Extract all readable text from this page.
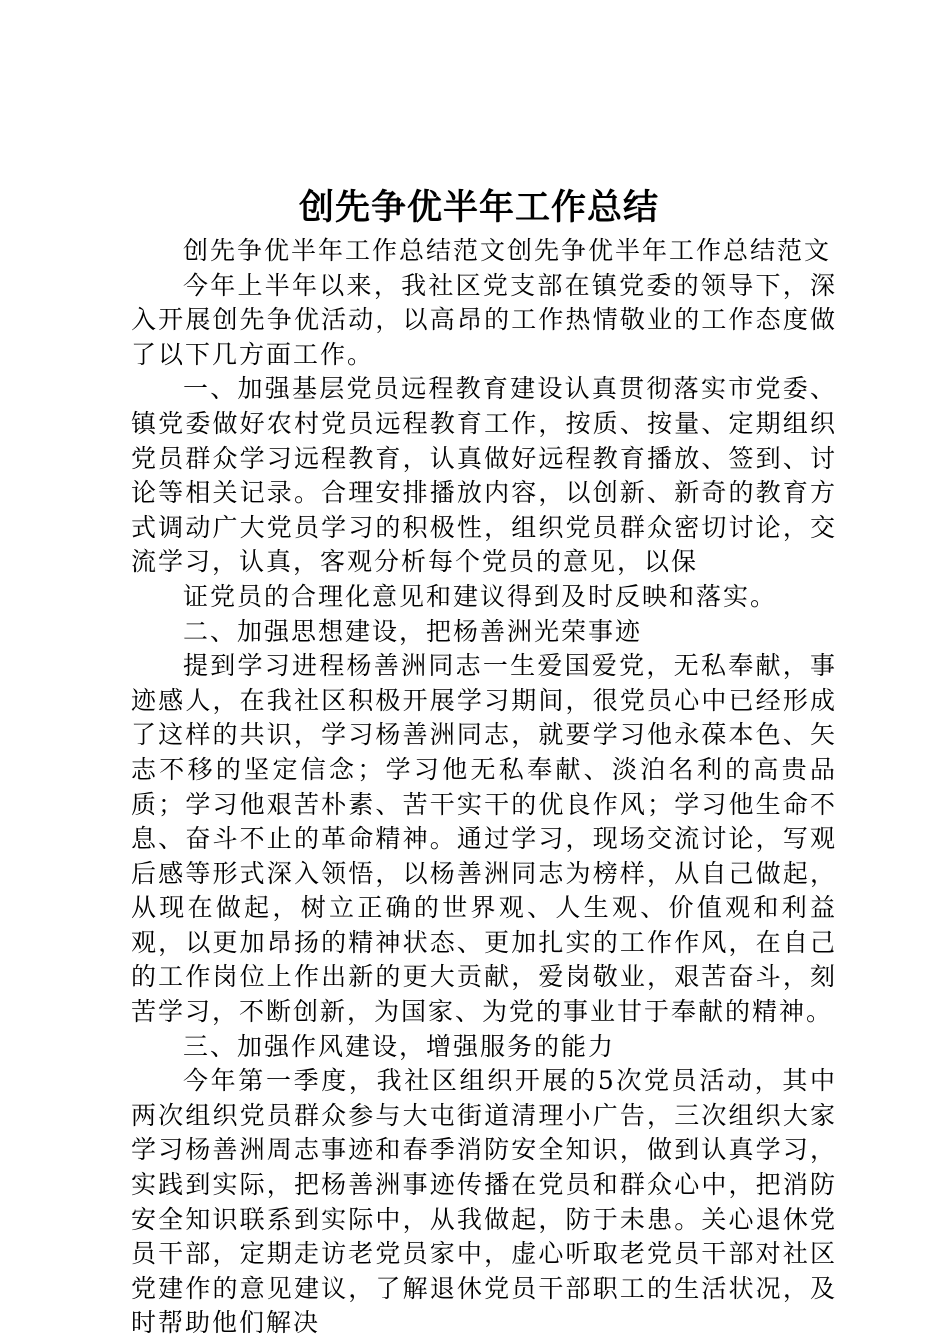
创先争优半年工作总结

创先争优半年工作总结范文创先争优半年工作总结范文

今年上半年以来，我社区党支部在镇党委的领导下，深入开展创先争优活动，以高昂的工作热情敬业的工作态度做了以下几方面工作。

一、加强基层党员远程教育建设认真贯彻落实市党委、镇党委做好农村党员远程教育工作，按质、按量、定期组织党员群众学习远程教育，认真做好远程教育播放、签到、讨论等相关记录。合理安排播放内容，以创新、新奇的教育方式调动广大党员学习的积极性，组织党员群众密切讨论，交流学习，认真，客观分析每个党员的意见，以保

证党员的合理化意见和建议得到及时反映和落实。

二、加强思想建设，把杨善洲光荣事迹

提到学习进程杨善洲同志一生爱国爱党，无私奉献，事迹感人，在我社区积极开展学习期间，很党员心中已经形成了这样的共识，学习杨善洲同志，就要学习他永葆本色、矢志不移的坚定信念；学习他无私奉献、淡泊名利的高贵品质；学习他艰苦朴素、苦干实干的优良作风；学习他生命不息、奋斗不止的革命精神。通过学习，现场交流讨论，写观后感等形式深入领悟，以杨善洲同志为榜样，从自己做起，从现在做起，树立正确的世界观、人生观、价值观和利益观，以更加昂扬的精神状态、更加扎实的工作作风，在自己的工作岗位上作出新的更大贡献，爱岗敬业，艰苦奋斗，刻苦学习，不断创新，为国家、为党的事业甘于奉献的精神。

三、加强作风建设，增强服务的能力

今年第一季度，我社区组织开展的5次党员活动，其中两次组织党员群众参与大屯街道清理小广告，三次组织大家学习杨善洲周志事迹和春季消防安全知识，做到认真学习，实践到实际，把杨善洲事迹传播在党员和群众心中，把消防安全知识联系到实际中，从我做起，防于未患。关心退休党员干部，定期走访老党员家中，虚心听取老党员干部对社区党建作的意见建议，了解退休党员干部职工的生活状况，及时帮助他们解决
